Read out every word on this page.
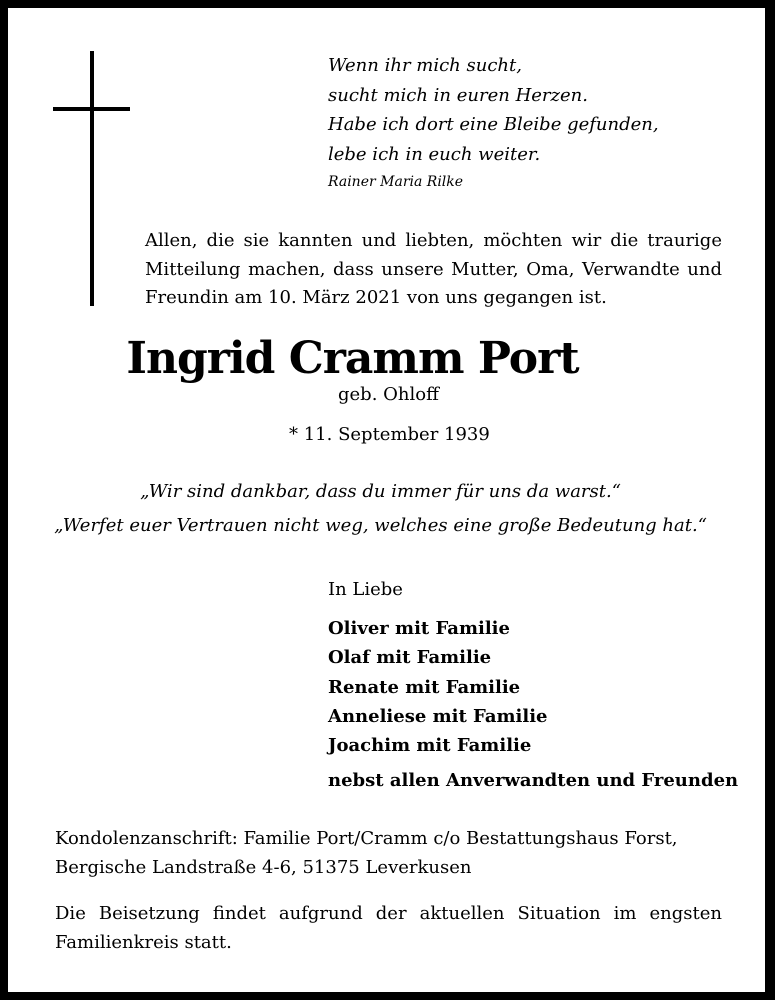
Wenn ihr mich sucht,
sucht mich in euren Herzen.
Habe ich dort eine Bleibe gefunden,
lebe ich in euch weiter.
Rainer Maria Rilke
Allen, die sie kannten und liebten, möchten wir die traurige Mitteilung machen, dass unsere Mutter, Oma, Verwandte und Freundin am 10. März 2021 von uns gegangen ist.
Ingrid Cramm Port
geb. Ohloff
* 11. September 1939
„Wir sind dankbar, dass du immer für uns da warst.“
„Werfet euer Vertrauen nicht weg, welches eine große Bedeutung hat.“
In Liebe
Oliver mit Familie
Olaf mit Familie
Renate mit Familie
Anneliese mit Familie
Joachim mit Familie
nebst allen Anverwandten und Freunden
Kondolenzanschrift: Familie Port/Cramm c/o Bestattungshaus Forst,
Bergische Landstraße 4-6, 51375 Leverkusen
Die Beisetzung findet aufgrund der aktuellen Situation im engsten Familienkreis statt.
